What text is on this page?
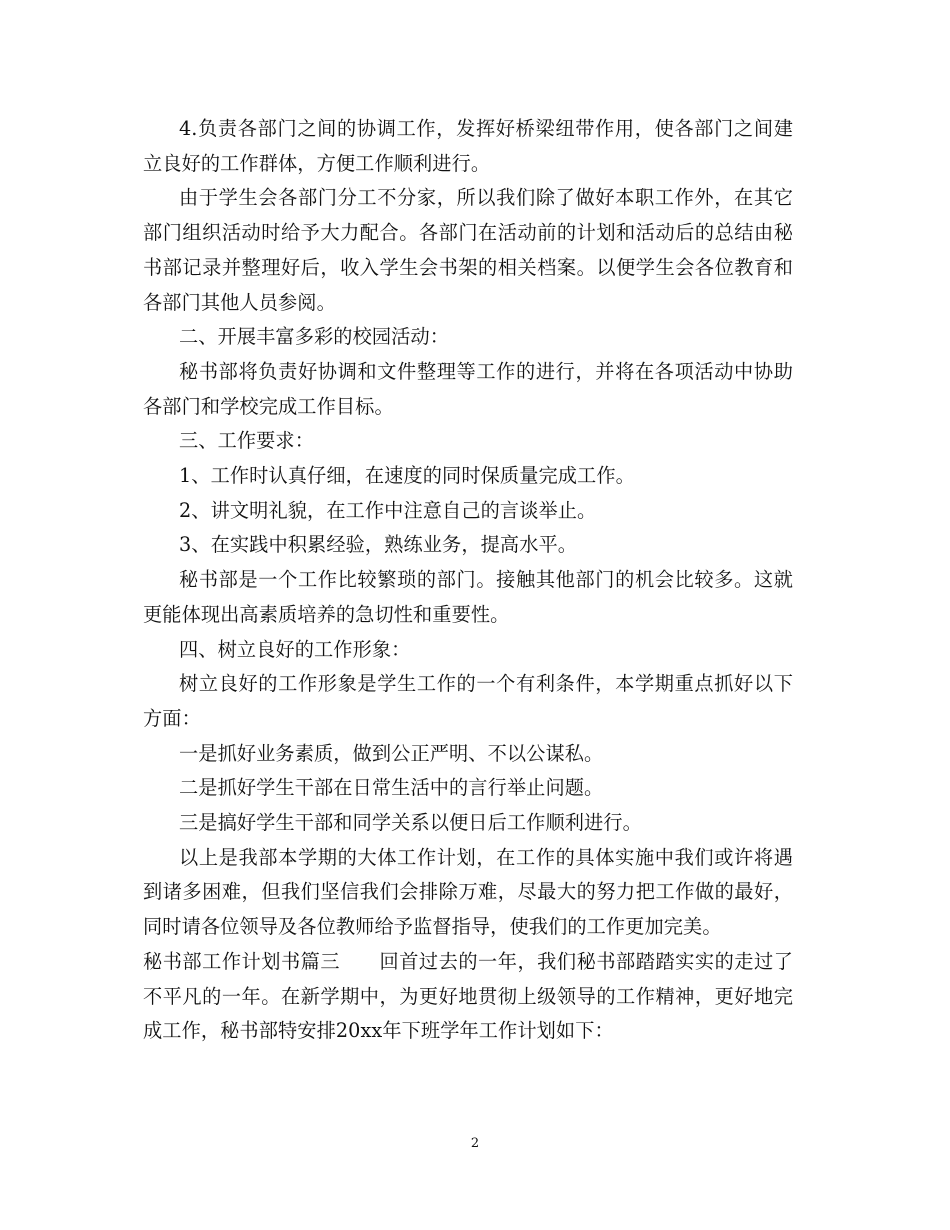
4.负责各部门之间的协调工作，发挥好桥梁纽带作用，使各部门之间建立良好的工作群体，方便工作顺利进行。

由于学生会各部门分工不分家，所以我们除了做好本职工作外，在其它部门组织活动时给予大力配合。各部门在活动前的计划和活动后的总结由秘书部记录并整理好后，收入学生会书架的相关档案。以便学生会各位教育和各部门其他人员参阅。

二、开展丰富多彩的校园活动：

秘书部将负责好协调和文件整理等工作的进行，并将在各项活动中协助各部门和学校完成工作目标。

三、工作要求：

1、工作时认真仔细，在速度的同时保质量完成工作。

2、讲文明礼貌，在工作中注意自己的言谈举止。

3、在实践中积累经验，熟练业务，提高水平。

秘书部是一个工作比较繁琐的部门。接触其他部门的机会比较多。这就更能体现出高素质培养的急切性和重要性。

四、树立良好的工作形象：

树立良好的工作形象是学生工作的一个有利条件，本学期重点抓好以下方面：

一是抓好业务素质，做到公正严明、不以公谋私。

二是抓好学生干部在日常生活中的言行举止问题。

三是搞好学生干部和同学关系以便日后工作顺利进行。

以上是我部本学期的大体工作计划，在工作的具体实施中我们或许将遇到诸多困难，但我们坚信我们会排除万难，尽最大的努力把工作做的最好，同时请各位领导及各位教师给予监督指导，使我们的工作更加完美。

秘书部工作计划书篇三　　回首过去的一年，我们秘书部踏踏实实的走过了不平凡的一年。在新学期中，为更好地贯彻上级领导的工作精神，更好地完成工作，秘书部特安排20xx年下班学年工作计划如下：

2
